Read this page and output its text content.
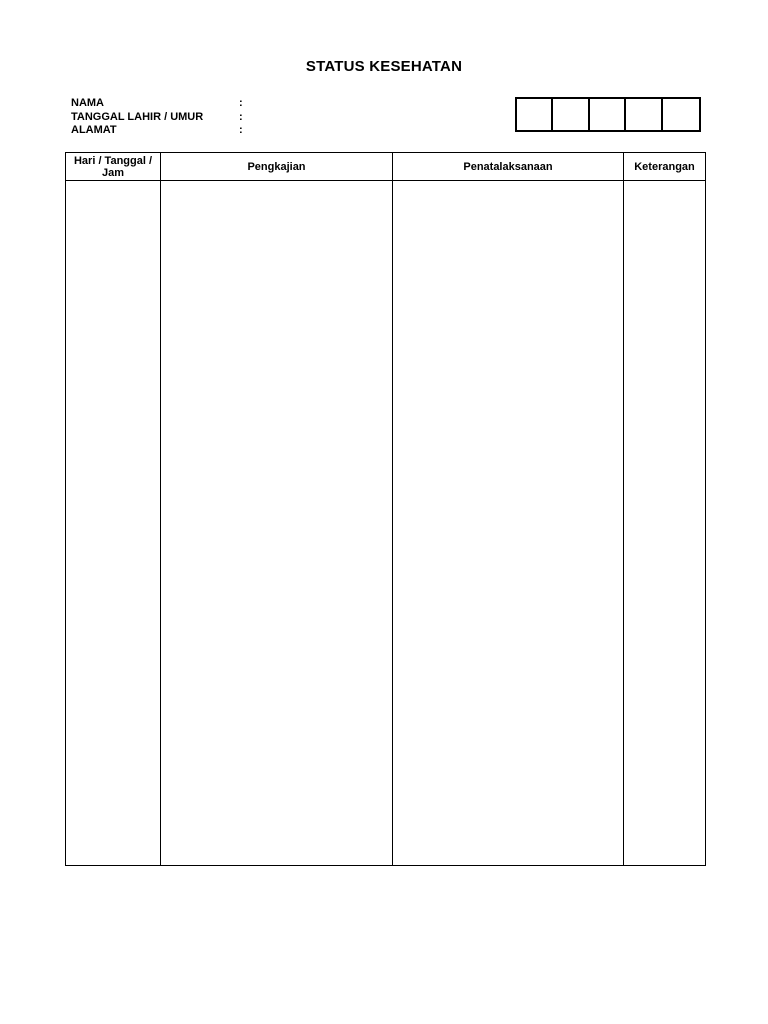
STATUS KESEHATAN
NAMA	:
TANGGAL LAHIR / UMUR	:
ALAMAT	:
Hari / Tanggal / Jam	Pengkajian	Penatalaksanaan	Keterangan
